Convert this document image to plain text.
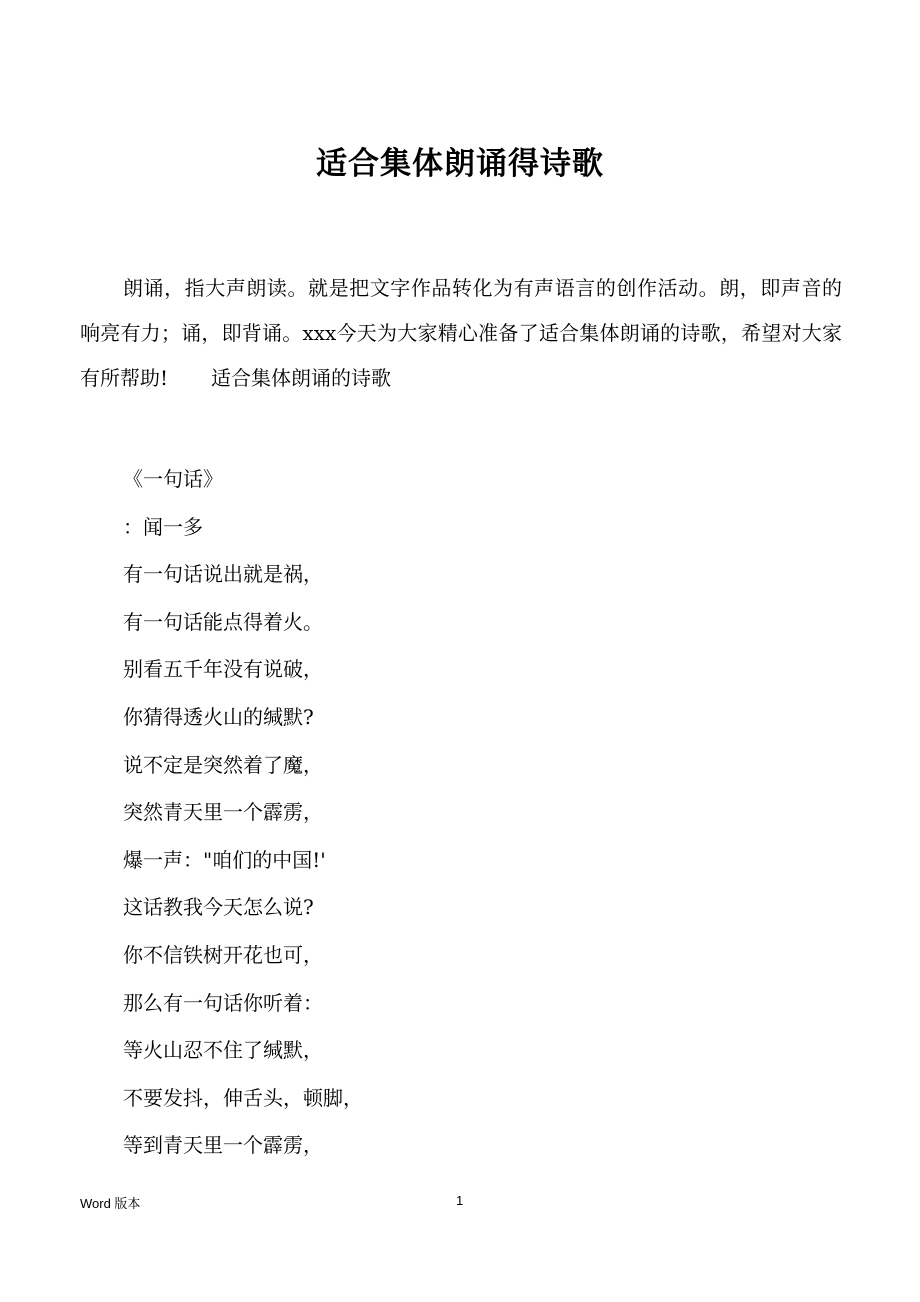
适合集体朗诵得诗歌
朗诵，指大声朗读。就是把文字作品转化为有声语言的创作活动。朗，即声音的响亮有力；诵，即背诵。xxx今天为大家精心准备了适合集体朗诵的诗歌，希望对大家有所帮助! 适合集体朗诵的诗歌
《一句话》
：闻一多
有一句话说出就是祸，
有一句话能点得着火。
别看五千年没有说破，
你猜得透火山的缄默?
说不定是突然着了魔，
突然青天里一个霹雳，
爆一声："咱们的中国!'
这话教我今天怎么说?
你不信铁树开花也可，
那么有一句话你听着：
等火山忍不住了缄默，
不要发抖，伸舌头，顿脚，
等到青天里一个霹雳，
Word 版本	1
